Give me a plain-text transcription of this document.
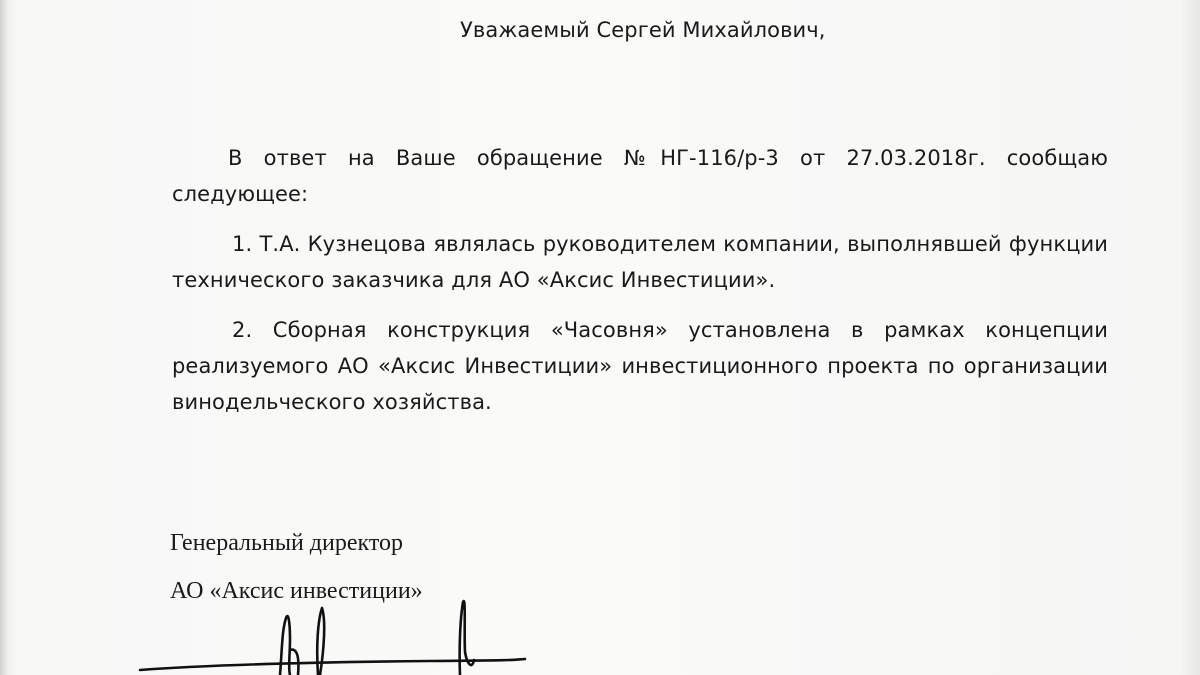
Уважаемый Сергей Михайлович,
В ответ на Ваше обращение №НГ-116/р-3 от 27.03.2018г. сообщаю следующее:
1. Т.А. Кузнецова являлась руководителем компании, выполнявшей функции технического заказчика для АО «Аксис Инвестиции».
2. Сборная конструкция «Часовня» установлена в рамках концепции реализуемого АО «Аксис Инвестиции» инвестиционного проекта по организации винодельческого хозяйства.
Генеральный директор
АО «Аксис инвестиции»
